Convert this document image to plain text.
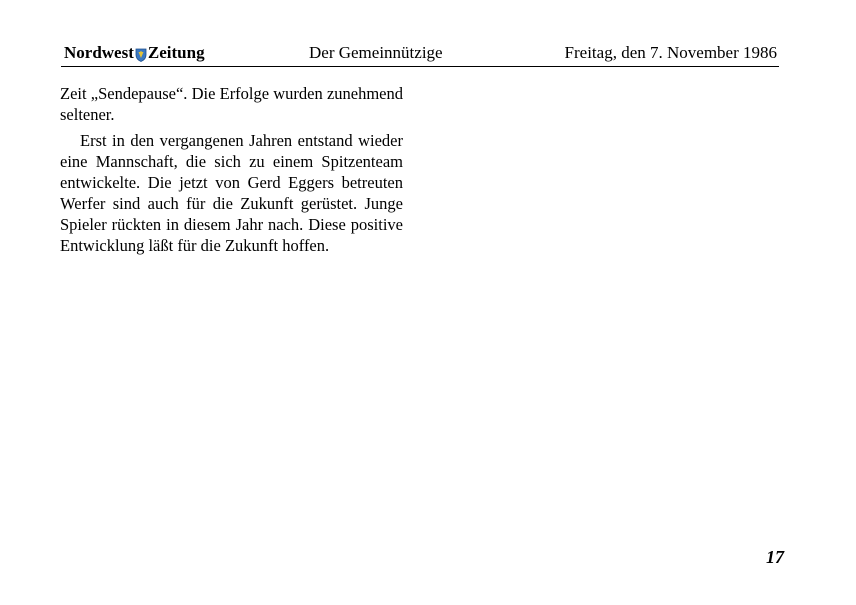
Nordwest Zeitung	Der Gemeinnützige	Freitag, den 7. November 1986

Zeit „Sendepause“. Die Erfolge wurden zunehmend seltener.

Erst in den vergangenen Jahren entstand wieder eine Mannschaft, die sich zu einem Spitzenteam entwickelte. Die jetzt von Gerd Eggers betreuten Werfer sind auch für die Zukunft gerüstet. Junge Spieler rückten in diesem Jahr nach. Diese positive Entwicklung läßt für die Zukunft hoffen.

17
